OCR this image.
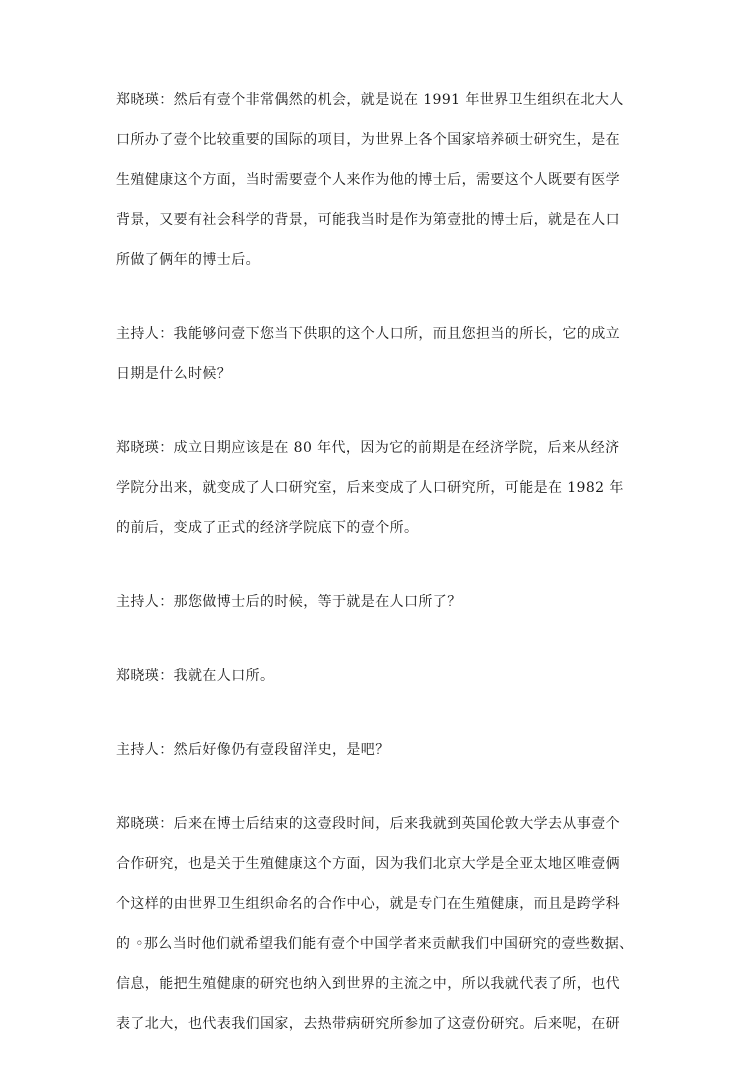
郑晓瑛：然后有壹个非常偶然的机会，就是说在 1991 年世界卫生组织在北大人
口所办了壹个比较重要的国际的项目，为世界上各个国家培养硕士研究生，是在
生殖健康这个方面，当时需要壹个人来作为他的博士后，需要这个人既要有医学
背景，又要有社会科学的背景，可能我当时是作为第壹批的博士后，就是在人口
所做了俩年的博士后。
主持人：我能够问壹下您当下供职的这个人口所，而且您担当的所长，它的成立
日期是什么时候？
郑晓瑛：成立日期应该是在 80 年代，因为它的前期是在经济学院，后来从经济
学院分出来，就变成了人口研究室，后来变成了人口研究所，可能是在 1982 年
的前后，变成了正式的经济学院底下的壹个所。
主持人：那您做博士后的时候，等于就是在人口所了？
郑晓瑛：我就在人口所。
主持人：然后好像仍有壹段留洋史，是吧？
郑晓瑛：后来在博士后结束的这壹段时间，后来我就到英国伦敦大学去从事壹个
合作研究，也是关于生殖健康这个方面，因为我们北京大学是全亚太地区唯壹俩
个这样的由世界卫生组织命名的合作中心，就是专门在生殖健康，而且是跨学科
的 ◦那么当时他们就希望我们能有壹个中国学者来贡献我们中国研究的壹些数据、
信息，能把生殖健康的研究也纳入到世界的主流之中，所以我就代表了所，也代
表了北大，也代表我们国家，去热带病研究所参加了这壹份研究。后来呢，在研
